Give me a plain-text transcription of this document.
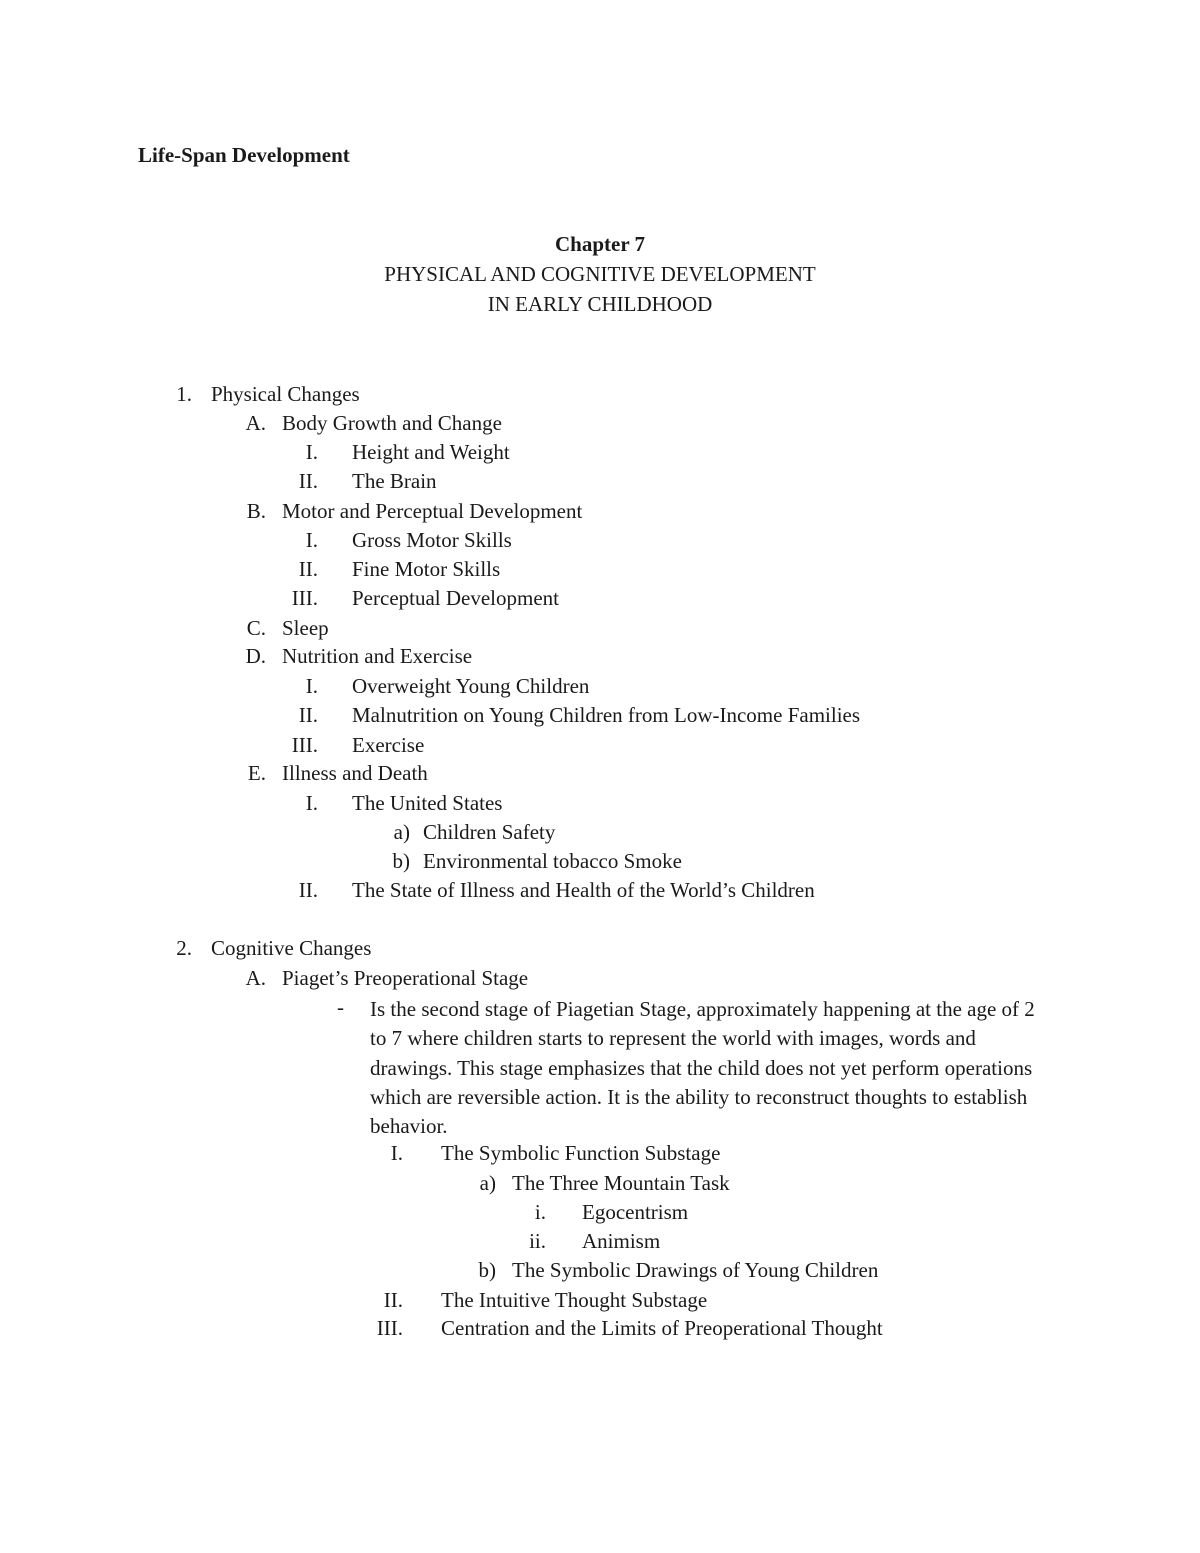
Life-Span Development
Chapter 7
PHYSICAL AND COGNITIVE DEVELOPMENT
IN EARLY CHILDHOOD
1. Physical Changes
A. Body Growth and Change
I. Height and Weight
II. The Brain
B. Motor and Perceptual Development
I. Gross Motor Skills
II. Fine Motor Skills
III. Perceptual Development
C. Sleep
D. Nutrition and Exercise
I. Overweight Young Children
II. Malnutrition on Young Children from Low-Income Families
III. Exercise
E. Illness and Death
I. The United States
a) Children Safety
b) Environmental tobacco Smoke
II. The State of Illness and Health of the World’s Children
2. Cognitive Changes
A. Piaget’s Preoperational Stage
- Is the second stage of Piagetian Stage, approximately happening at the age of 2 to 7 where children starts to represent the world with images, words and drawings. This stage emphasizes that the child does not yet perform operations which are reversible action. It is the ability to reconstruct thoughts to establish behavior.
I. The Symbolic Function Substage
a) The Three Mountain Task
i. Egocentrism
ii. Animism
b) The Symbolic Drawings of Young Children
II. The Intuitive Thought Substage
III. Centration and the Limits of Preoperational Thought
